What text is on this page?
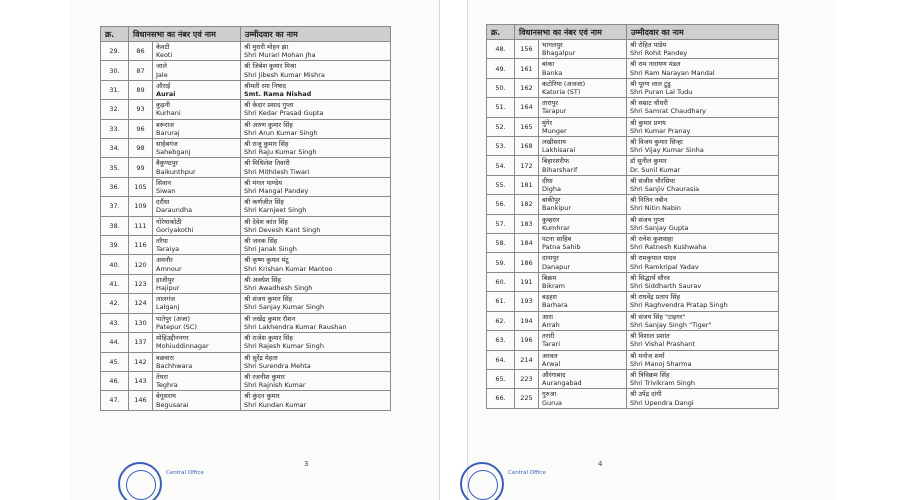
क्र.	विधानसभा का नंबर एवं नाम		उम्मीदवार का नाम
29.	86	केवटी
Keoti	श्री मुरारी मोहन झा
Shri Murari Mohan Jha

30.	87	जाले
Jale	श्री जिबेश कुमार मिश्रा
Shri Jibesh Kumar Mishra

31.	89	औराई
Aurai	श्रीमती रमा निषाद
Smt. Rama Nishad

32.	93	कुढ़नी
Kurhani	श्री केदार प्रसाद गुप्ता
Shri Kedar Prasad Gupta

33.	96	बरूराज
Baruraj	श्री अरुण कुमार सिंह
Shri Arun Kumar Singh

34.	98	साहेबगंज
Sahebganj	श्री राजू कुमार सिंह
Shri Raju Kumar Singh

35.	99	बैकुण्ठपुर
Baikunthpur	श्री मिथिलेश तिवारी
Shri Mithilesh Tiwari

36.	105	सिवान
Siwan	श्री मंगल पाण्डेय
Shri Mangal Pandey

37.	109	दरौंधा
Daraundha	श्री कर्णजीत सिंह
Shri Karnjeet Singh

38.	111	गोरेयाकोठी
Goriyakothi	श्री देवेश कांत सिंह
Shri Devesh Kant Singh

39.	116	तरैया
Taraiya	श्री जनक सिंह
Shri Janak Singh

40.	120	अमनौर
Amnour	श्री कृष्ण कुमार मंटू
Shri Krishan Kumar Mantoo

41.	123	हाजीपुर
Hajipur	श्री अवधेश सिंह
Shri Awadhesh Singh

42.	124	लालगंज
Lalganj	श्री संजय कुमार सिंह
Shri Sanjay Kumar Singh

43.	130	पातेपुर (अजा)
Patepur (SC)	श्री लखेंद्र कुमार रौशन
Shri Lakhendra Kumar Raushan

44.	137	मोहिउद्दीननगर
Mohiuddinnagar	श्री राजेश कुमार सिंह
Shri Rajesh Kumar Singh

45.	142	बछवारा
Bachhwara	श्री सुरेंद्र मेहता
Shri Surendra Mehta

46.	143	तेघरा
Teghra	श्री रजनीश कुमार
Shri Rajnish Kumar

47.	146	बेगूसराय
Begusarai	श्री कुंदन कुमार
Shri Kundan Kumar
3
Central Office
क्र.	विधानसभा का नंबर एवं नाम		उम्मीदवार का नाम
48.	156	भागलपुर
Bhagalpur	श्री रोहित पांडेय
Shri Rohit Pandey

49.	161	बांका
Banka	श्री राम नारायण मंडल
Shri Ram Narayan Mandal

50.	162	कटोरिया (अजजा)
Katoria (ST)	श्री पूरण लाल टुडु
Shri Puran Lal Tudu

51.	164	तारापुर
Tarapur	श्री सम्राट चौधरी
Shri Samrat Chaudhary

52.	165	मुंगेर
Munger	श्री कुमार प्रणय
Shri Kumar Pranay

53.	168	लखीसराय
Lakhisarai	श्री विजय कुमार सिन्हा
Shri Vijay Kumar Sinha

54.	172	बिहारशरीफ
Biharsharif	डॉ सुनील कुमार
Dr. Sunil Kumar

55.	181	दीघा
Digha	श्री संजीव चौरसिया
Shri Sanjiv Chaurasia

56.	182	बांकीपुर
Bankipur	श्री नितिन नबीन
Shri Nitin Nabin

57.	183	कुम्हरार
Kumhrar	श्री संजय गुप्ता
Shri Sanjay Gupta

58.	184	पटना साहिब
Patna Sahib	श्री रत्नेश कुशवाहा
Shri Ratnesh Kushwaha

59.	186	दानापुर
Danapur	श्री रामकृपाल यादव
Shri Ramkripal Yadav

60.	191	बिक्रम
Bikram	श्री सिद्धार्थ सौरव
Shri Siddharth Saurav

61.	193	बड़हरा
Barhara	श्री राघवेंद्र प्रताप सिंह
Shri Raghvendra Pratap Singh

62.	194	आरा
Arrah	श्री संजय सिंह "टाइगर"
Shri Sanjay Singh "Tiger"

63.	196	तरारी
Tarari	श्री विशाल प्रशांत
Shri Vishal Prashant

64.	214	अरवल
Arwal	श्री मनोज शर्मा
Shri Manoj Sharma

65.	223	औरंगाबाद
Aurangabad	श्री त्रिविक्रम सिंह
Shri Trivikram Singh

66.	225	गुरुआ
Gurua	श्री उपेंद्र दांगी
Shri Upendra Dangi
4
Central Office
